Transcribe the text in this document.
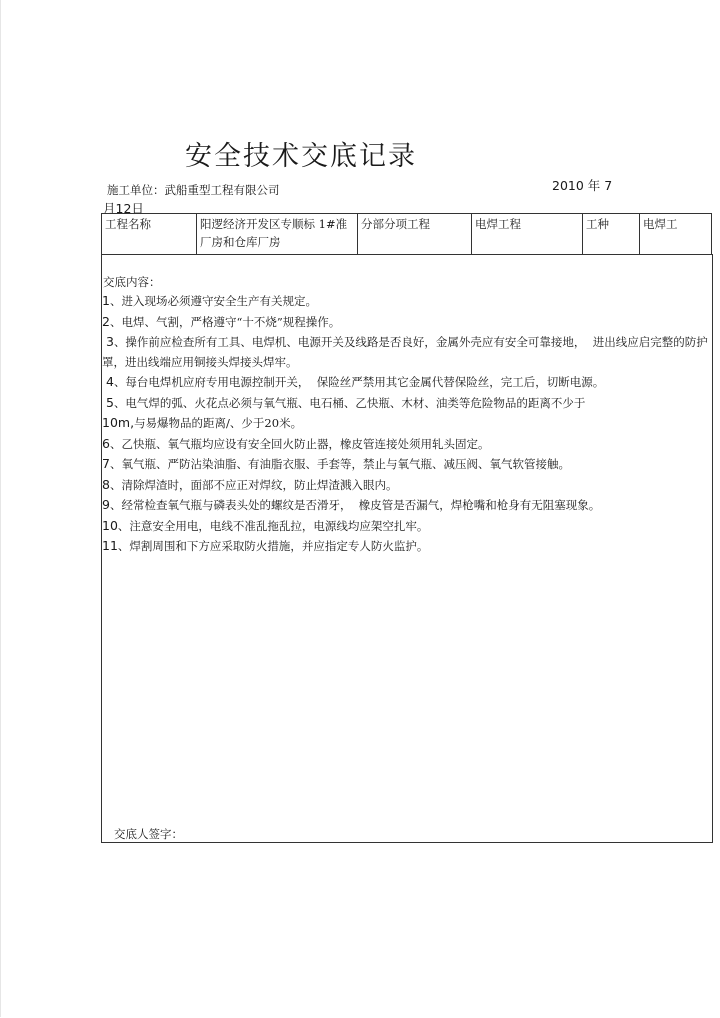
安全技术交底记录
施工单位：武船重型工程有限公司	2010 年 7
月12日
工程名称	阳逻经济开发区专顺标 1#准厂房和仓库厂房	分部分项工程	电焊工程	工种	电焊工
交底内容：
1、进入现场必须遵守安全生产有关规定。
2、电焊、气割，严格遵守“十不烧”规程操作。
3、操作前应检查所有工具、电焊机、电源开关及线路是否良好，金属外壳应有安全可靠接地，  进出线应启完整的防护罩，进出线端应用铜接头焊接头焊牢。
4、每台电焊机应府专用电源控制开关，  保险丝严禁用其它金属代替保险丝，完工后，切断电源。
5、电气焊的弧、火花点必须与氧气瓶、电石桶、乙快瓶、木材、油类等危险物品的距离不少于
10m,与易爆物品的距离/、少于20米。
6、乙快瓶、氧气瓶均应设有安全回火防止器，橡皮管连接处须用轧头固定。
7、氧气瓶、严防沾染油脂、有油脂衣服、手套等，禁止与氧气瓶、减压阀、氧气软管接触。
8、清除焊渣时，面部不应正对焊纹，防止焊渣溅入眼内。
9、经常检查氧气瓶与磷表头处的螺纹是否滑牙，  橡皮管是否漏气，焊枪嘴和枪身有无阻塞现象。
10、注意安全用电，电线不准乱拖乱拉，电源线均应架空扎牢。
11、焊割周围和下方应采取防火措施，并应指定专人防火监护。
交底人签字：
